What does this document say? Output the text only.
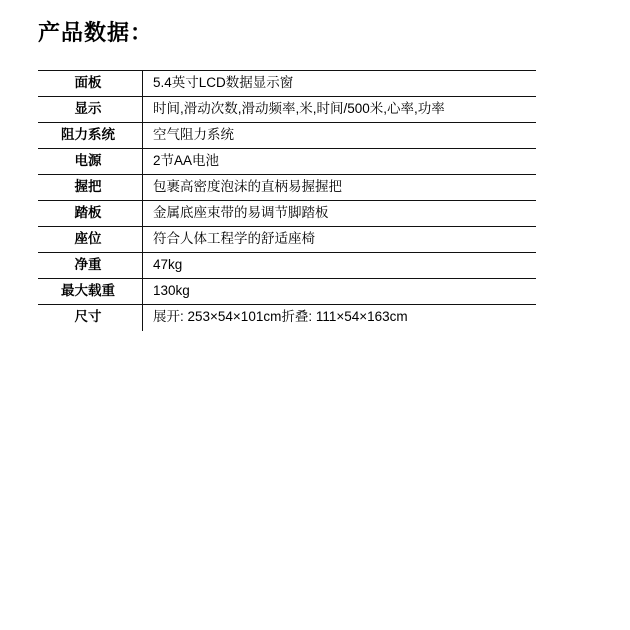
产品数据：
面板	5.4英寸LCD数据显示窗
显示	时间,滑动次数,滑动频率,米,时间/500米,心率,功率
阻力系统	空气阻力系统
电源	2节AA电池
握把	包裹高密度泡沫的直柄易握握把
踏板	金属底座束带的易调节脚踏板
座位	符合人体工程学的舒适座椅
净重	47kg
最大载重	130kg
尺寸	展开: 253×54×101cm折叠: 111×54×163cm
